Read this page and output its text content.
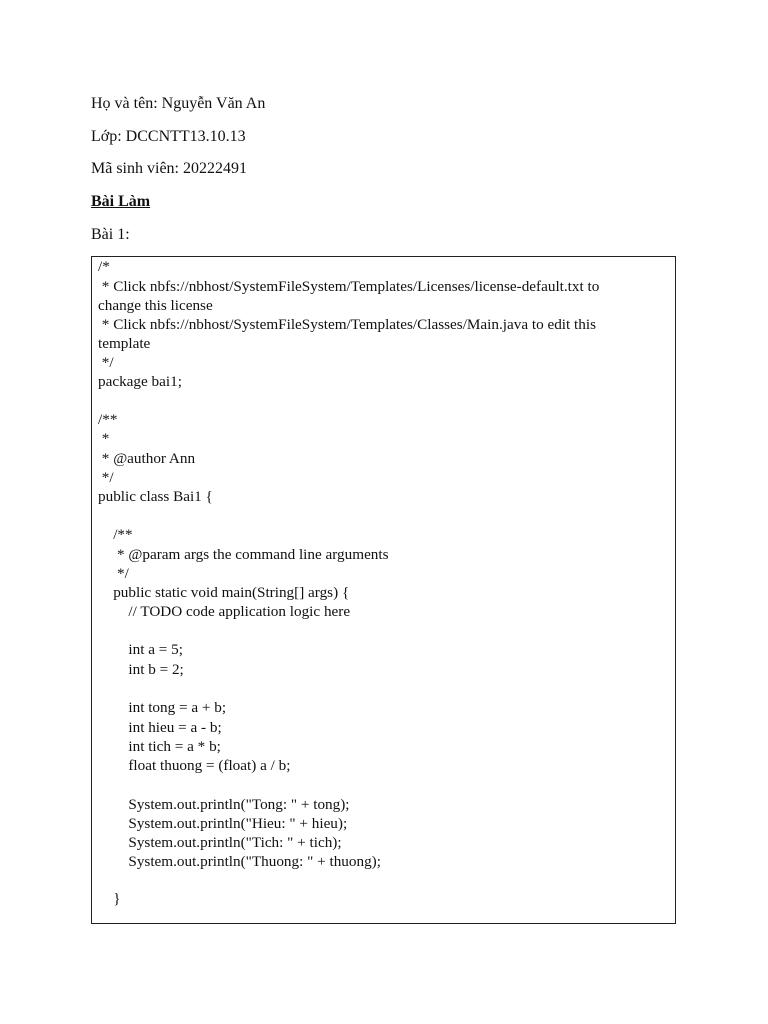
Họ và tên: Nguyễn Văn An
Lớp: DCCNTT13.10.13
Mã sinh viên: 20222491
Bài Làm
Bài 1:
/*
* Click nbfs://nbhost/SystemFileSystem/Templates/Licenses/license-default.txt to
change this license
* Click nbfs://nbhost/SystemFileSystem/Templates/Classes/Main.java to edit this
template
*/
package bai1;
/**
*
* @author Ann
*/
public class Bai1 {
/**
* @param args the command line arguments
*/
public static void main(String[] args) {
// TODO code application logic here
int a = 5;
int b = 2;
int tong = a + b;
int hieu = a - b;
int tich = a * b;
float thuong = (float) a / b;
System.out.println("Tong: " + tong);
System.out.println("Hieu: " + hieu);
System.out.println("Tich: " + tich);
System.out.println("Thuong: " + thuong);
}
